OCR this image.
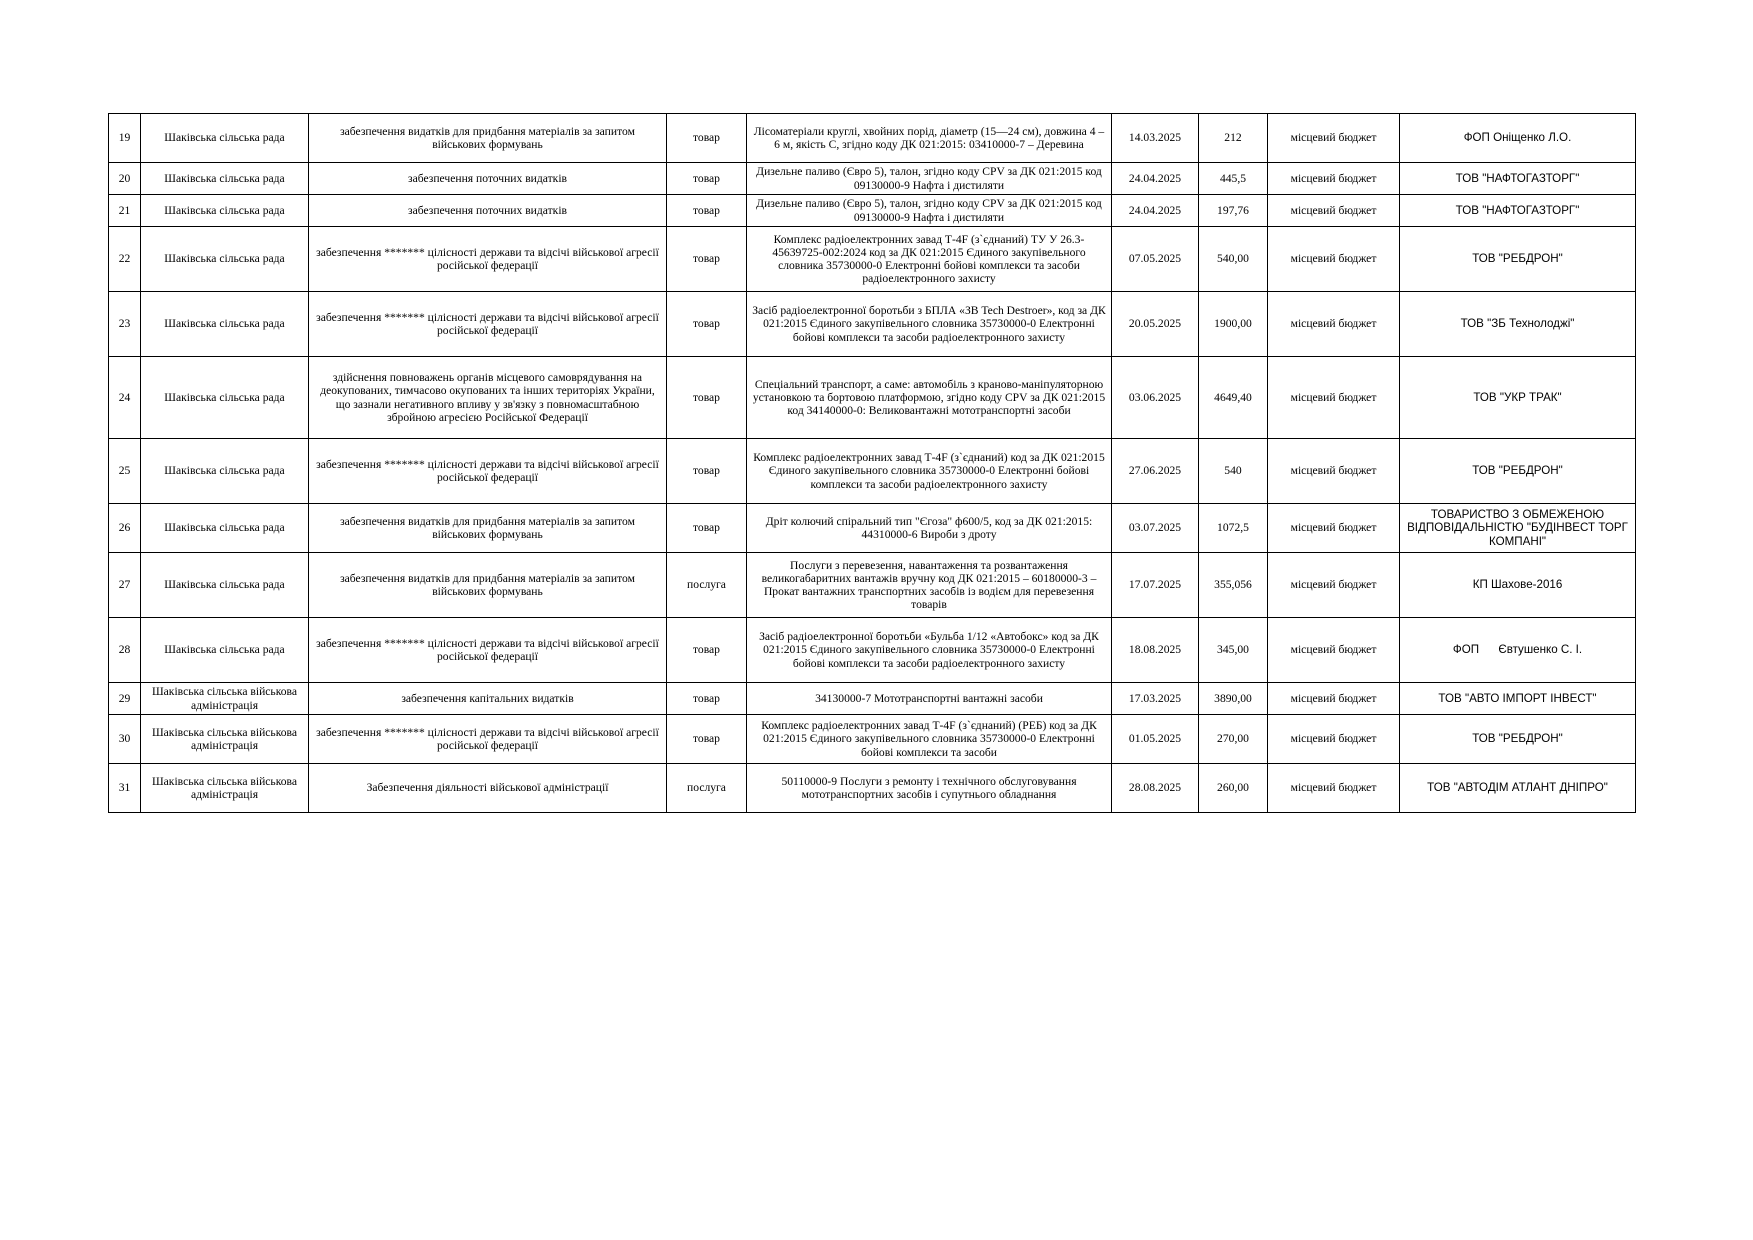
19	Шаківська сільська рада	забезпечення видатків для придбання матеріалів за запитом військових формувань	товар	Лісоматеріали круглі, хвойних порід, діаметр (15—24 см), довжина 4 – 6 м, якість С, згідно коду ДК 021:2015: 03410000-7 – Деревина	14.03.2025	212	місцевий бюджет	ФОП Оніщенко Л.О.
20	Шаківська сільська рада	забезпечення поточних видатків	товар	Дизельне паливо (Євро 5), талон, згідно коду CPV за ДК 021:2015 код 09130000-9 Нафта і дистиляти	24.04.2025	445,5	місцевий бюджет	ТОВ "НАФТОГАЗТОРГ"
21	Шаківська сільська рада	забезпечення поточних видатків	товар	Дизельне паливо (Євро 5), талон, згідно коду CPV за ДК 021:2015 код 09130000-9 Нафта і дистиляти	24.04.2025	197,76	місцевий бюджет	ТОВ "НАФТОГАЗТОРГ"
22	Шаківська сільська рада	забезпечення ******* цілісності держави та відсічі військової агресії російської федерації	товар	Комплекс радіоелектронних завад Т-4F (з`єднаний) ТУ У 26.3-45639725-002:2024 код за ДК 021:2015 Єдиного закупівельного словника 35730000-0 Електронні бойові комплекси та засоби радіоелектронного захисту	07.05.2025	540,00	місцевий бюджет	ТОВ "РЕБДРОН"
23	Шаківська сільська рада	забезпечення ******* цілісності держави та відсічі військової агресії російської федерації	товар	Засіб радіоелектронної боротьби з БПЛА «ЗВ Tech Destroer», код за ДК 021:2015 Єдиного закупівельного словника 35730000-0 Електронні бойові комплекси та засоби радіоелектронного захисту	20.05.2025	1900,00	місцевий бюджет	ТОВ "ЗБ Технолоджі"
24	Шаківська сільська рада	здійснення повноважень органів місцевого самоврядування на деокупованих, тимчасово окупованих та інших територіях України, що зазнали негативного впливу у зв'язку з повномасштабною збройною агресією Російської Федерації	товар	Спеціальний транспорт, а саме: автомобіль з краново-маніпуляторною установкою та бортовою платформою, згідно коду CPV за ДК 021:2015 код 34140000-0: Великовантажні мототранспортні засоби	03.06.2025	4649,40	місцевий бюджет	ТОВ "УКР ТРАК"
25	Шаківська сільська рада	забезпечення ******* цілісності держави та відсічі військової агресії російської федерації	товар	Комплекс радіоелектронних завад Т-4F (з`єднаний) код за ДК 021:2015 Єдиного закупівельного словника 35730000-0 Електронні бойові комплекси та засоби радіоелектронного захисту	27.06.2025	540	місцевий бюджет	ТОВ "РЕБДРОН"
26	Шаківська сільська рада	забезпечення видатків для придбання матеріалів за запитом військових формувань	товар	Дріт колючий спіральний тип "Єгоза" ф600/5, код за ДК 021:2015: 44310000-6 Вироби з дроту	03.07.2025	1072,5	місцевий бюджет	ТОВАРИСТВО З ОБМЕЖЕНОЮ ВІДПОВІДАЛЬНІСТЮ "БУДІНВЕСТ ТОРГ КОМПАНІ"
27	Шаківська сільська рада	забезпечення видатків для придбання матеріалів за запитом військових формувань	послуга	Послуги з перевезення, навантаження та розвантаження великогабаритних вантажів вручну код ДК 021:2015 – 60180000-3 – Прокат вантажних транспортних засобів із водієм для перевезення товарів	17.07.2025	355,056	місцевий бюджет	КП Шахове-2016
28	Шаківська сільська рада	забезпечення ******* цілісності держави та відсічі військової агресії російської федерації	товар	Засіб радіоелектронної боротьби «Бульба 1/12 «Автобокс» код за ДК 021:2015 Єдиного закупівельного словника 35730000-0 Електронні бойові комплекси та засоби радіоелектронного захисту	18.08.2025	345,00	місцевий бюджет	ФОП      Євтушенко С. І.
29	Шаківська сільська військова адміністрація	забезпечення капітальних видатків	товар	34130000-7 Мототранспортні вантажні засоби	17.03.2025	3890,00	місцевий бюджет	ТОВ "АВТО ІМПОРТ ІНВЕСТ"
30	Шаківська сільська військова адміністрація	забезпечення ******* цілісності держави та відсічі військової агресії російської федерації	товар	Комплекс радіоелектронних завад Т-4F (з`єднаний) (РЕБ) код за ДК 021:2015 Єдиного закупівельного словника 35730000-0 Електронні бойові комплекси та засоби	01.05.2025	270,00	місцевий бюджет	ТОВ "РЕБДРОН"
31	Шаківська сільська військова адміністрація	Забезпечення діяльності військової адміністрації	послуга	50110000-9 Послуги з ремонту і технічного обслуговування мототранспортних засобів і супутнього обладнання	28.08.2025	260,00	місцевий бюджет	ТОВ "АВТОДІМ АТЛАНТ ДНІПРО"
